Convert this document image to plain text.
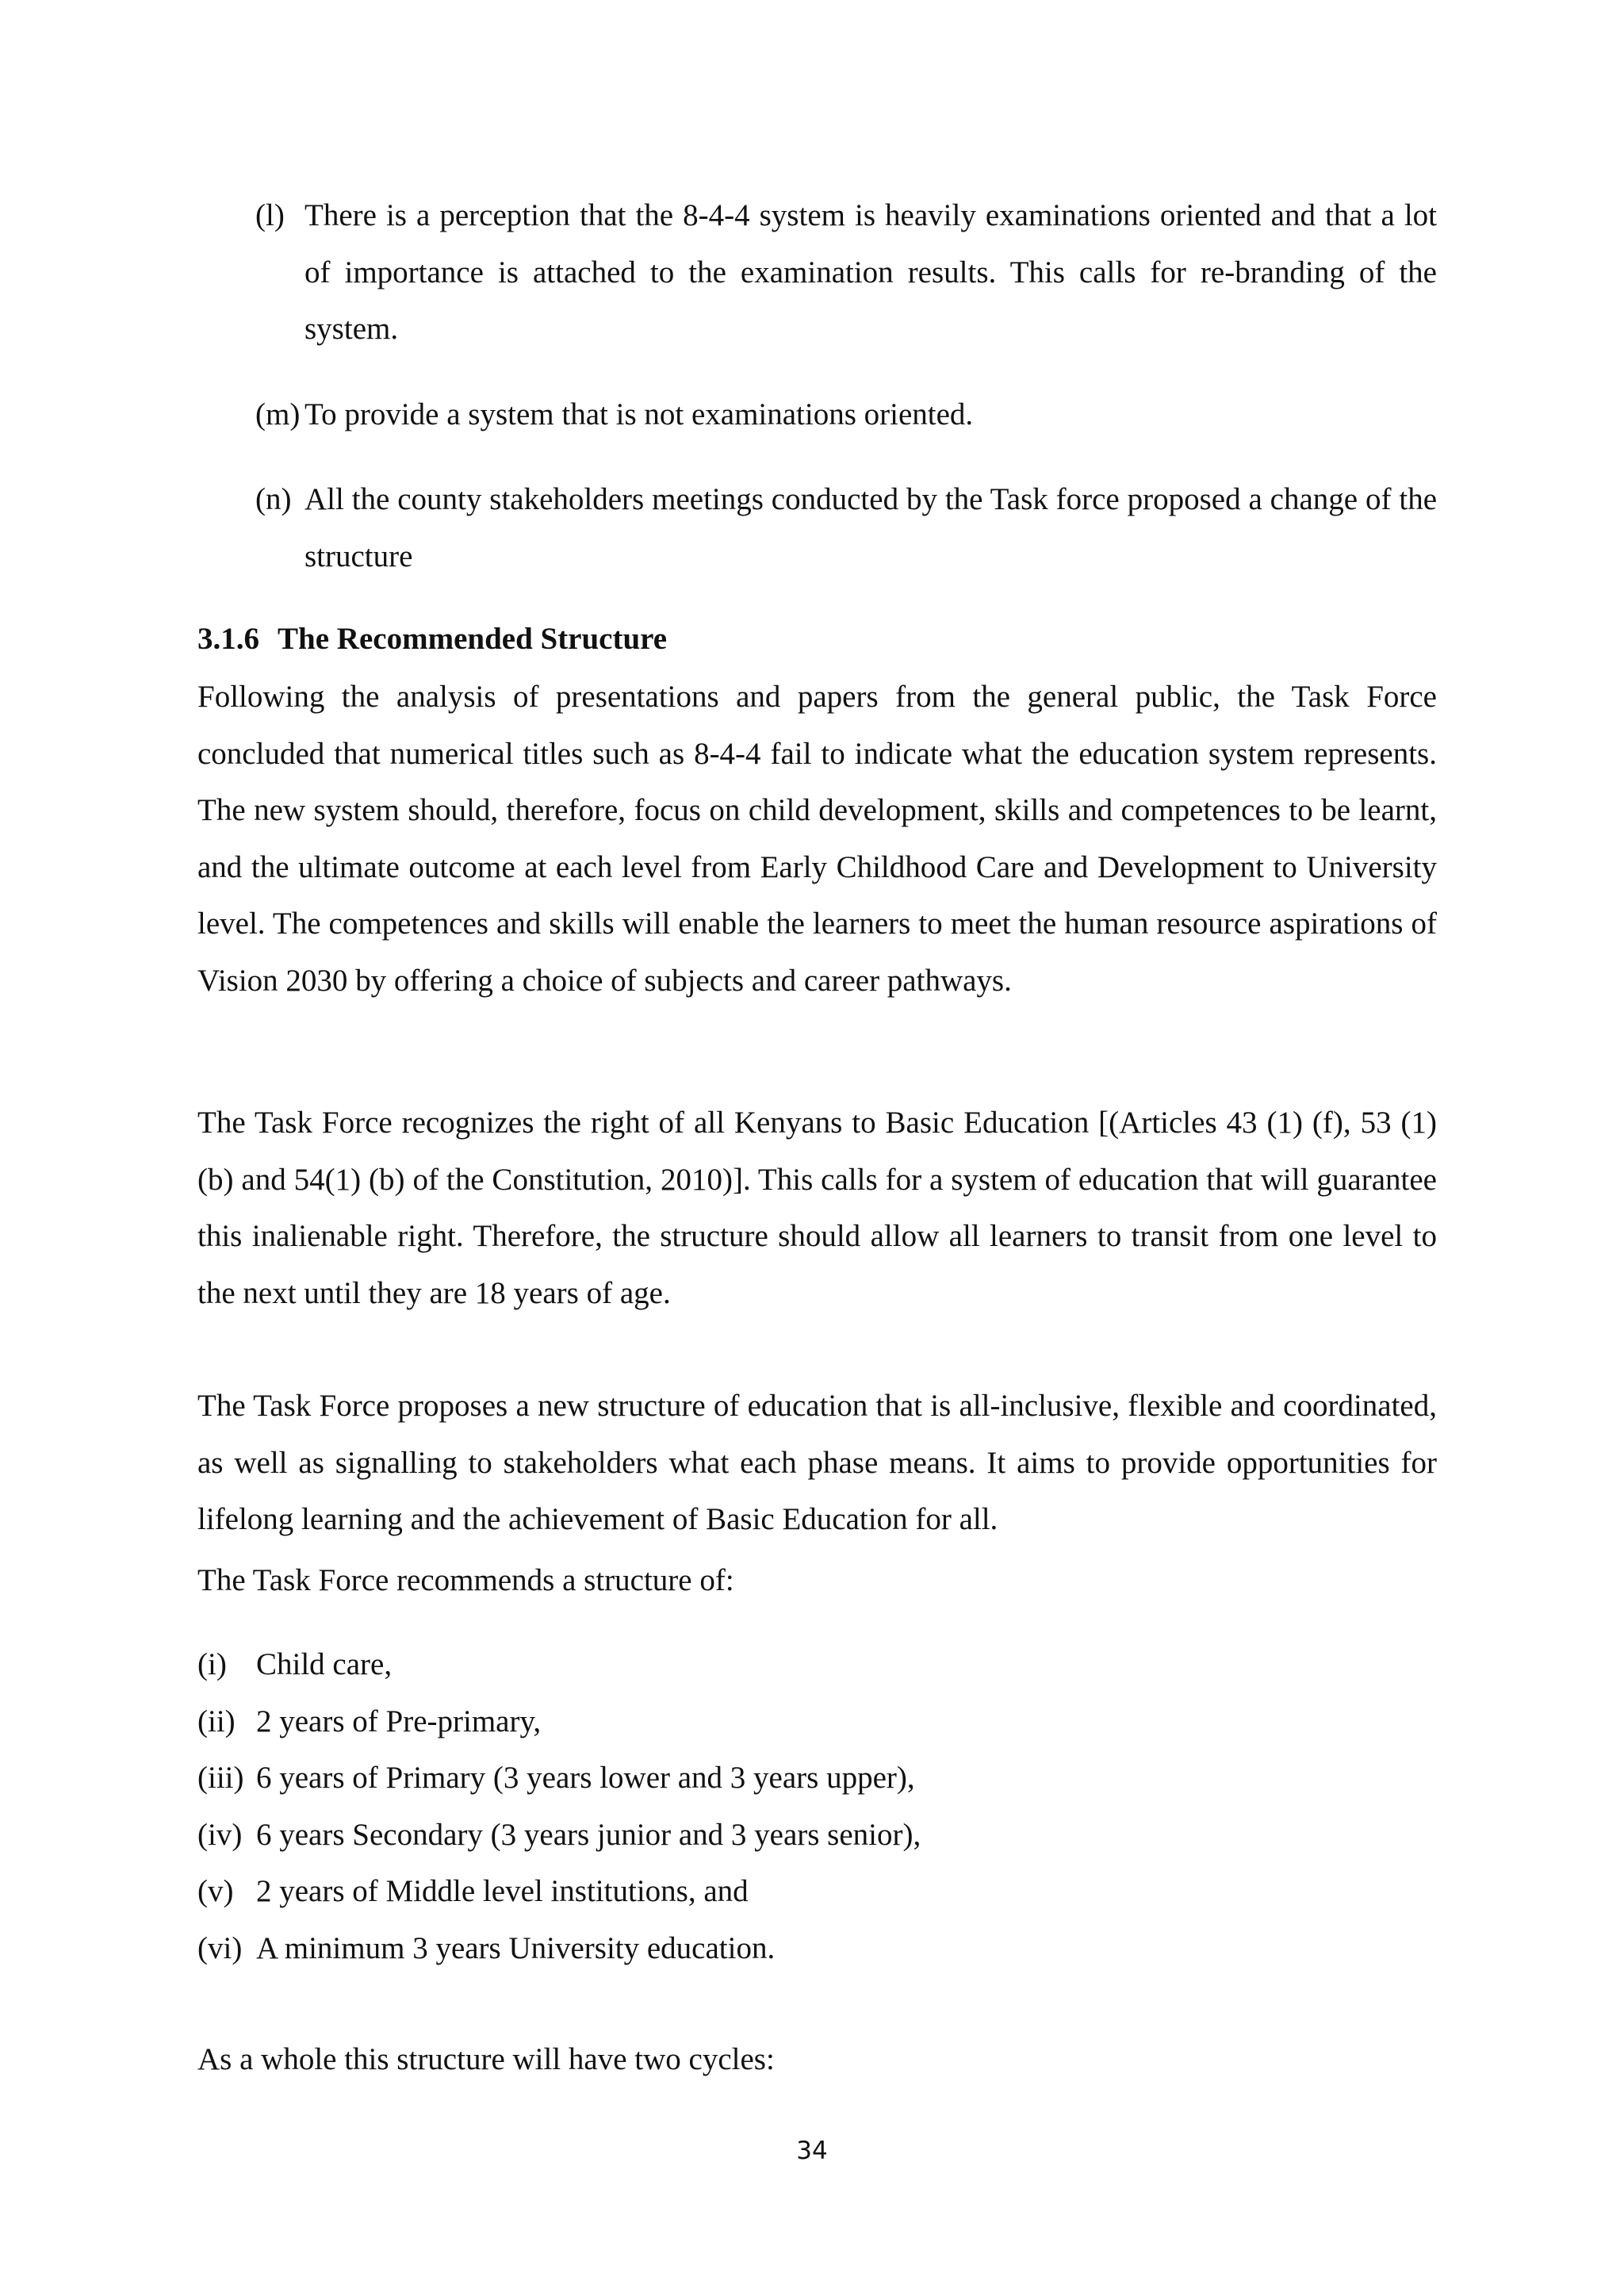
(l) There is a perception that the 8-4-4 system is heavily examinations oriented and that a lot of importance is attached to the examination results. This calls for re-branding of the system.
(m) To provide a system that is not examinations oriented.
(n) All the county stakeholders meetings conducted by the Task force proposed a change of the structure
3.1.6 The Recommended Structure
Following the analysis of presentations and papers from the general public, the Task Force concluded that numerical titles such as 8-4-4 fail to indicate what the education system represents. The new system should, therefore, focus on child development, skills and competences to be learnt, and the ultimate outcome at each level from Early Childhood Care and Development to University level. The competences and skills will enable the learners to meet the human resource aspirations of Vision 2030 by offering a choice of subjects and career pathways.
The Task Force recognizes the right of all Kenyans to Basic Education [(Articles 43 (1) (f), 53 (1) (b) and 54(1) (b) of the Constitution, 2010)]. This calls for a system of education that will guarantee this inalienable right. Therefore, the structure should allow all learners to transit from one level to the next until they are 18 years of age.
The Task Force proposes a new structure of education that is all-inclusive, flexible and coordinated, as well as signalling to stakeholders what each phase means. It aims to provide opportunities for lifelong learning and the achievement of Basic Education for all.
The Task Force recommends a structure of:
(i) Child care,
(ii) 2 years of Pre-primary,
(iii) 6 years of Primary (3 years lower and 3 years upper),
(iv) 6 years Secondary (3 years junior and 3 years senior),
(v) 2 years of Middle level institutions, and
(vi) A minimum 3 years University education.
As a whole this structure will have two cycles:
34
